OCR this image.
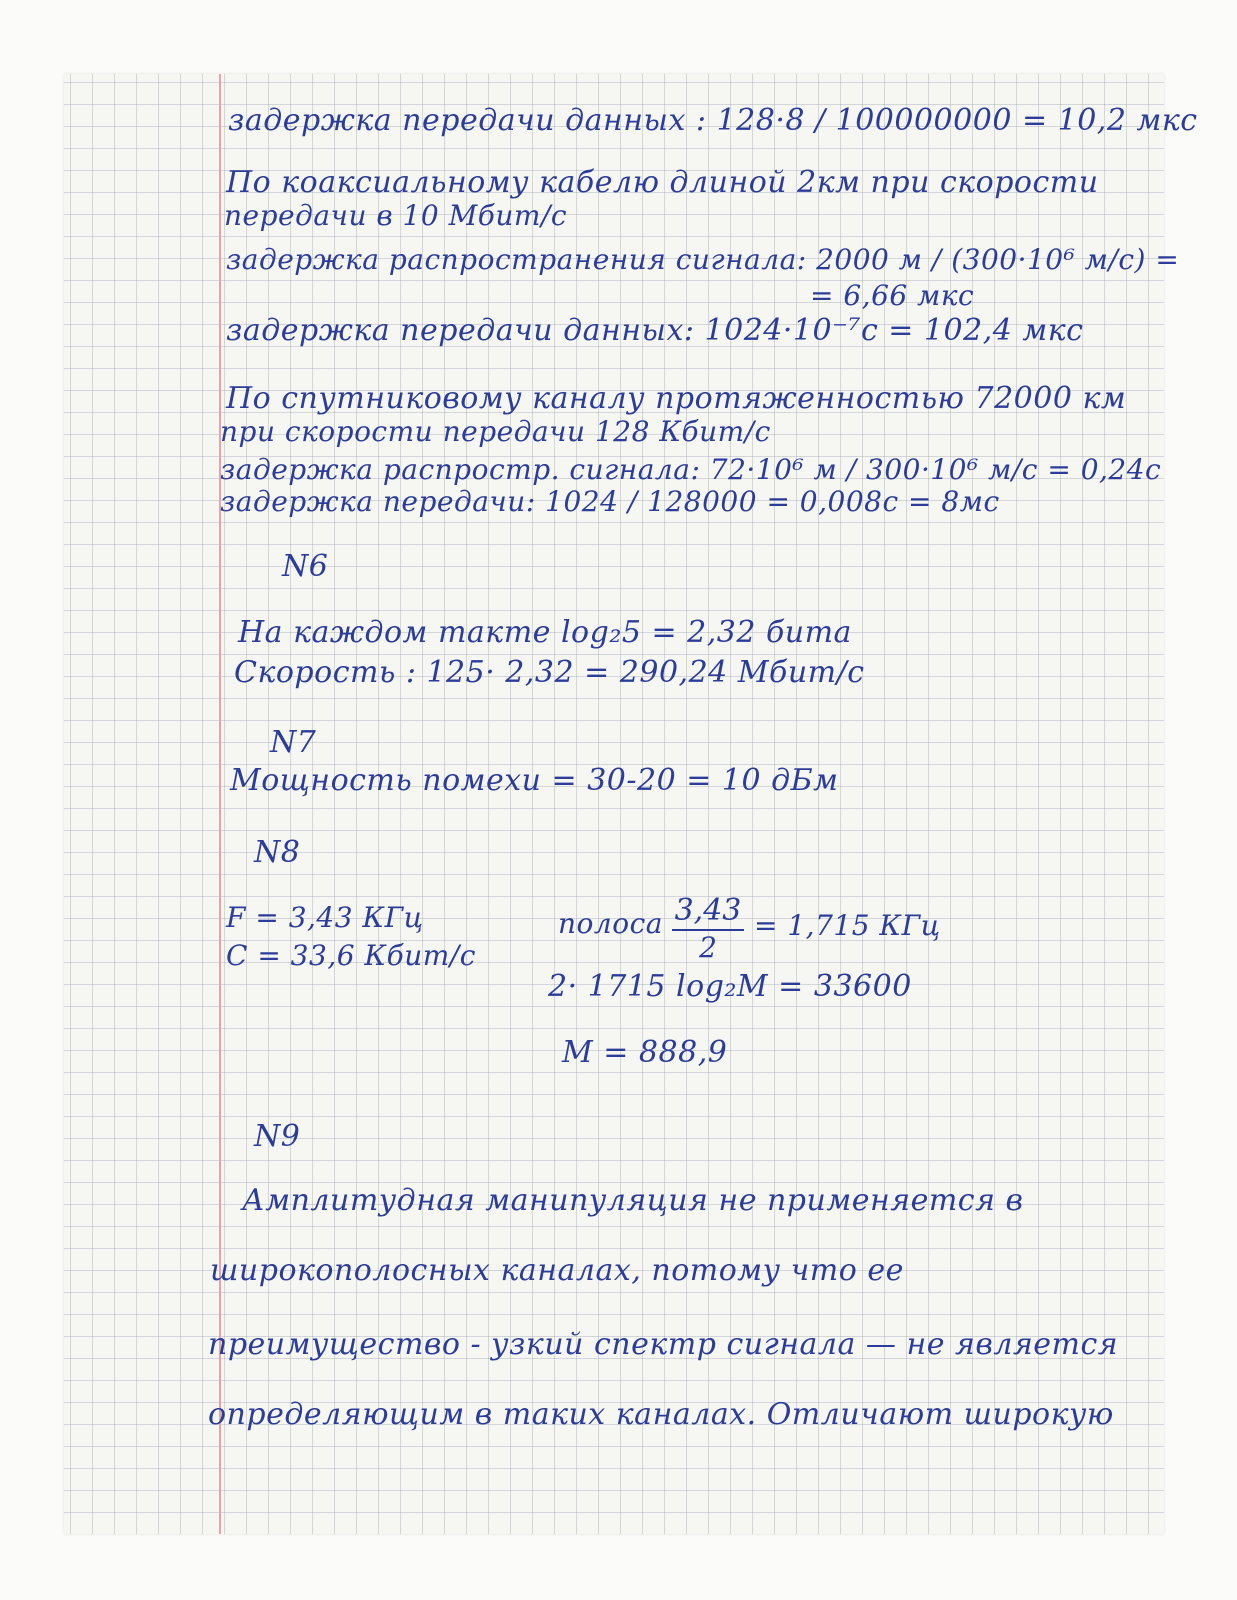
задержка передачи данных : 128·8 / 100000000 = 10,2 мкс
По коаксиальному кабелю длиной 2км при скорости
передачи в 10 Мбит/с
задержка распространения сигнала: 2000 м / (300·10⁶ м/с) =
= 6,66 мкс
задержка передачи данных: 1024·10⁻⁷с = 102,4 мкс
По спутниковому каналу протяженностью 72000 км
при скорости передачи 128 Кбит/с
задержка распростр. сигнала: 72·10⁶ м / 300·10⁶ м/с = 0,24с
задержка передачи: 1024 / 128000 = 0,008с = 8мс
N6
На каждом такте log₂5 = 2,32 бита
Скорость : 125· 2,32 = 290,24 Мбит/с
N7
Мощность помехи = 30-20 = 10 дБм
N8
F = 3,43 КГц
C = 33,6 Кбит/с
полоса 3,43
2
= 1,715 КГц
2· 1715 log₂M = 33600
M = 888,9
N9
Амплитудная манипуляция не применяется в
широкополосных каналах, потому что ее
преимущество - узкий спектр сигнала — не является
определяющим в таких каналах. Отличают широкую
